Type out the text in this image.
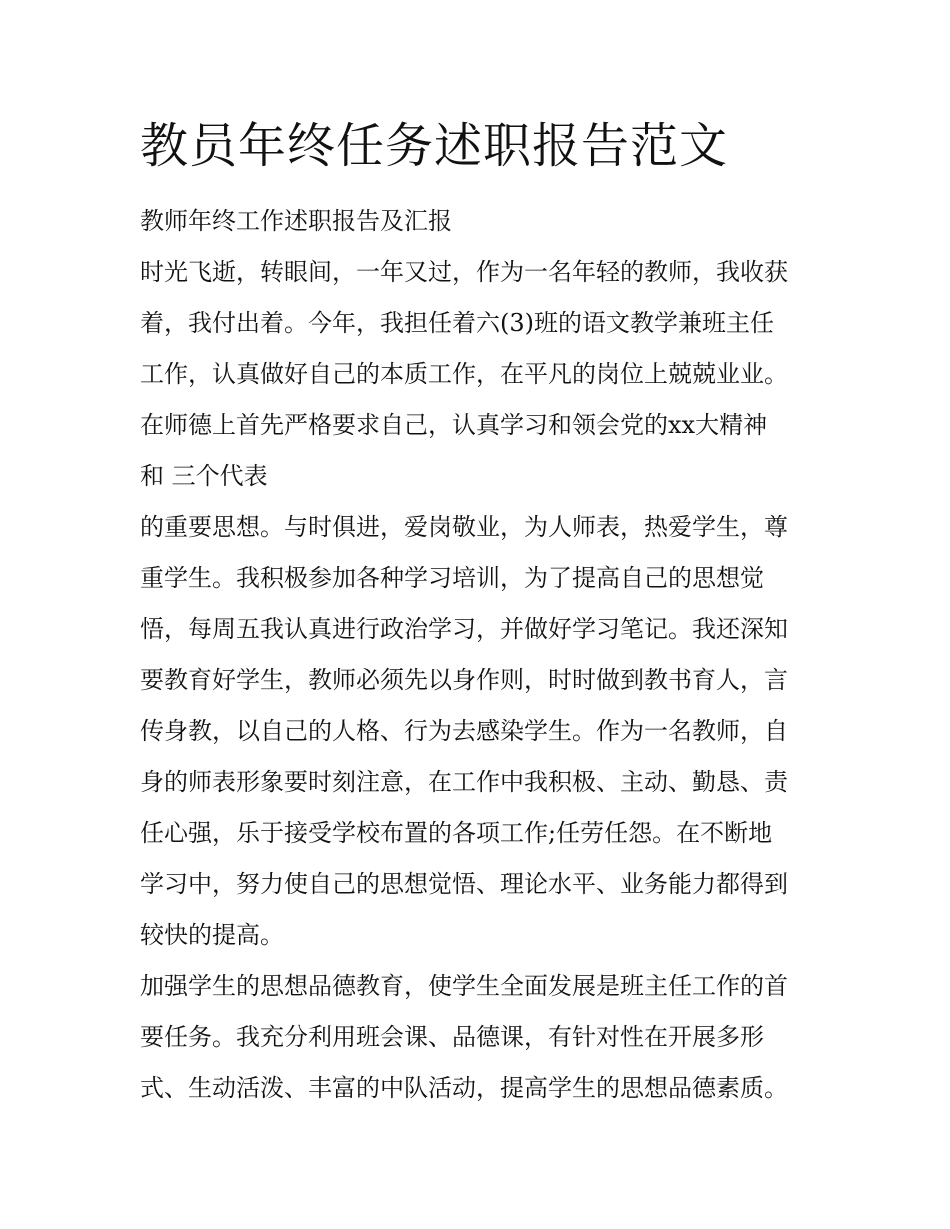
教员年终任务述职报告范文

教师年终工作述职报告及汇报

时光飞逝，转眼间，一年又过，作为一名年轻的教师，我收获

着，我付出着。今年，我担任着六(3)班的语文教学兼班主任

工作，认真做好自己的本质工作，在平凡的岗位上兢兢业业。

在师德上首先严格要求自己，认真学习和领会党的xx大精神

和 三个代表

的重要思想。与时俱进，爱岗敬业，为人师表，热爱学生，尊

重学生。我积极参加各种学习培训，为了提高自己的思想觉

悟，每周五我认真进行政治学习，并做好学习笔记。我还深知

要教育好学生，教师必须先以身作则，时时做到教书育人，言

传身教，以自己的人格、行为去感染学生。作为一名教师，自

身的师表形象要时刻注意，在工作中我积极、主动、勤恳、责

任心强，乐于接受学校布置的各项工作;任劳任怨。在不断地

学习中，努力使自己的思想觉悟、理论水平、业务能力都得到

较快的提高。

加强学生的思想品德教育，使学生全面发展是班主任工作的首

要任务。我充分利用班会课、品德课，有针对性在开展多形

式、生动活泼、丰富的中队活动，提高学生的思想品德素质。
